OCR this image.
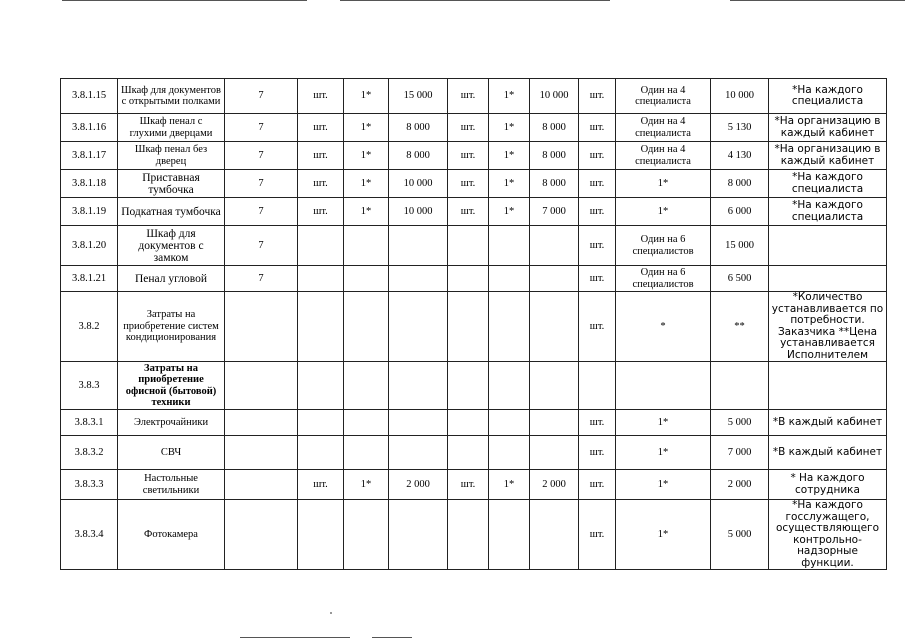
3.8.1.15	Шкаф для документов с открытыми полками	7	шт.	1*	15 000	шт.	1*	10 000	шт.	Один на 4 специалиста	10 000	*На каждого специалиста
3.8.1.16	Шкаф пенал с глухими дверцами	7	шт.	1*	8 000	шт.	1*	8 000	шт.	Один на 4 специалиста	5 130	*На организацию в каждый кабинет
3.8.1.17	Шкаф пенал без дверец	7	шт.	1*	8 000	шт.	1*	8 000	шт.	Один на 4 специалиста	4 130	*На организацию в каждый кабинет
3.8.1.18	Приставная тумбочка	7	шт.	1*	10 000	шт.	1*	8 000	шт.	1*	8 000	*На каждого специалиста
3.8.1.19	Подкатная тумбочка	7	шт.	1*	10 000	шт.	1*	7 000	шт.	1*	6 000	*На каждого специалиста
3.8.1.20	Шкаф для документов с замком	7							шт.	Один на 6 специалистов	15 000	
3.8.1.21	Пенал угловой	7							шт.	Один на 6 специалистов	6 500	
3.8.2	Затраты на приобретение систем кондиционирования								шт.	*	**	*Количество устанавливается по потребности. Заказчика **Цена устанавливается Исполнителем
3.8.3	Затраты на приобретение офисной (бытовой) техники											
3.8.3.1	Электрочайники								шт.	1*	5 000	*В каждый кабинет
3.8.3.2	СВЧ								шт.	1*	7 000	*В каждый кабинет
3.8.3.3	Настольные светильники		шт.	1*	2 000	шт.	1*	2 000	шт.	1*	2 000	* На каждого сотрудника
3.8.3.4	Фотокамера								шт.	1*	5 000	*На каждого госслужащего, осуществляющего контрольно-надзорные функции.
